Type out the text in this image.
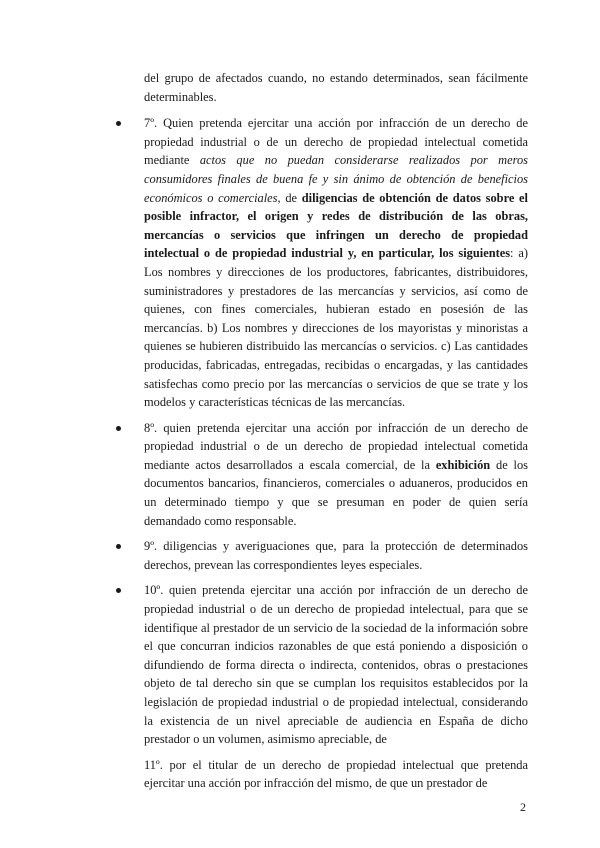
del grupo de afectados cuando, no estando determinados, sean fácilmente determinables.

7º. Quien pretenda ejercitar una acción por infracción de un derecho de propiedad industrial o de un derecho de propiedad intelectual cometida mediante actos que no puedan considerarse realizados por meros consumidores finales de buena fe y sin ánimo de obtención de beneficios económicos o comerciales, de diligencias de obtención de datos sobre el posible infractor, el origen y redes de distribución de las obras, mercancías o servicios que infringen un derecho de propiedad intelectual o de propiedad industrial y, en particular, los siguientes: a) Los nombres y direcciones de los productores, fabricantes, distribuidores, suministradores y prestadores de las mercancías y servicios, así como de quienes, con fines comerciales, hubieran estado en posesión de las mercancías. b) Los nombres y direcciones de los mayoristas y minoristas a quienes se hubieren distribuido las mercancías o servicios. c) Las cantidades producidas, fabricadas, entregadas, recibidas o encargadas, y las cantidades satisfechas como precio por las mercancías o servicios de que se trate y los modelos y características técnicas de las mercancías.
8º. quien pretenda ejercitar una acción por infracción de un derecho de propiedad industrial o de un derecho de propiedad intelectual cometida mediante actos desarrollados a escala comercial, de la exhibición de los documentos bancarios, financieros, comerciales o aduaneros, producidos en un determinado tiempo y que se presuman en poder de quien sería demandado como responsable.
9º. diligencias y averiguaciones que, para la protección de determinados derechos, prevean las correspondientes leyes especiales.
10º. quien pretenda ejercitar una acción por infracción de un derecho de propiedad industrial o de un derecho de propiedad intelectual, para que se identifique al prestador de un servicio de la sociedad de la información sobre el que concurran indicios razonables de que está poniendo a disposición o difundiendo de forma directa o indirecta, contenidos, obras o prestaciones objeto de tal derecho sin que se cumplan los requisitos establecidos por la legislación de propiedad industrial o de propiedad intelectual, considerando la existencia de un nivel apreciable de audiencia en España de dicho prestador o un volumen, asimismo apreciable, de
11º. por el titular de un derecho de propiedad intelectual que pretenda ejercitar una acción por infracción del mismo, de que un prestador de
2
